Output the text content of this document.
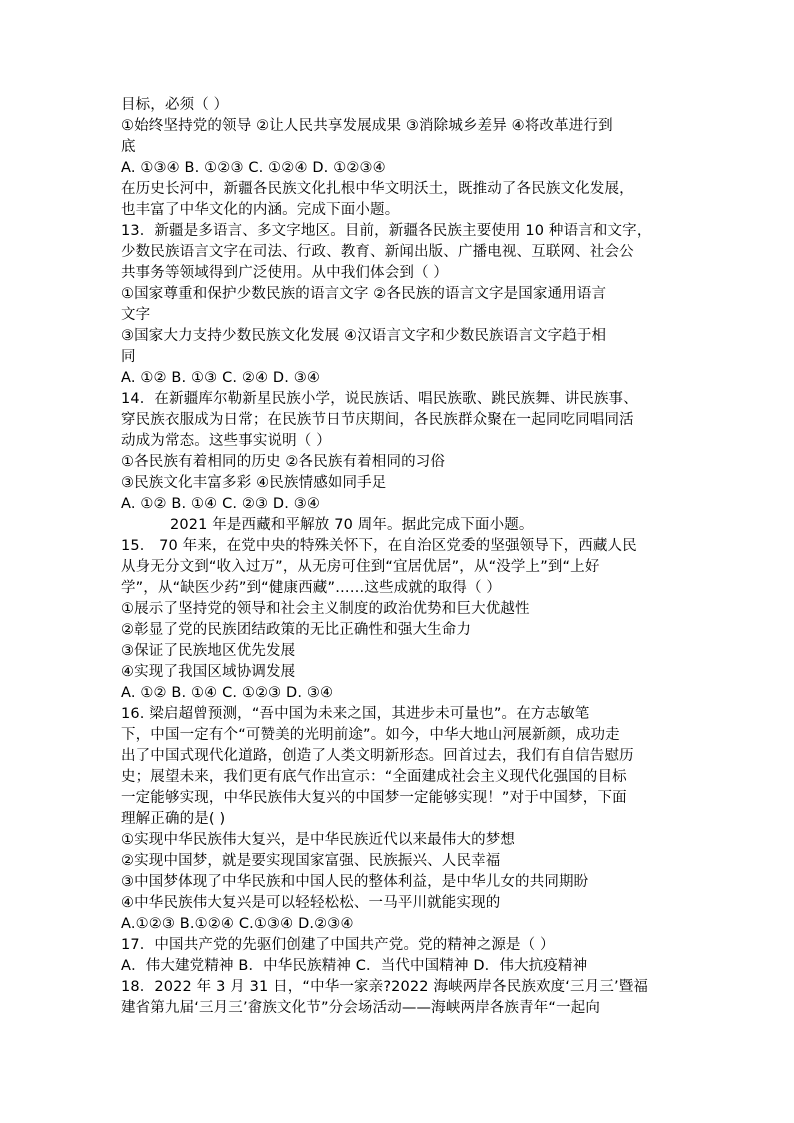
目标，必须（ ）
①始终坚持党的领导 ②让人民共享发展成果 ③消除城乡差异 ④将改革进行到
底
A. ①③④ B. ①②③ C. ①②④ D. ①②③④
在历史长河中，新疆各民族文化扎根中华文明沃土，既推动了各民族文化发展，
也丰富了中华文化的内涵。完成下面小题。
13．新疆是多语言、多文字地区。目前，新疆各民族主要使用 10 种语言和文字，
少数民族语言文字在司法、行政、教育、新闻出版、广播电视、互联网、社会公
共事务等领域得到广泛使用。从中我们体会到（ ）
①国家尊重和保护少数民族的语言文字 ②各民族的语言文字是国家通用语言
文字
③国家大力支持少数民族文化发展 ④汉语言文字和少数民族语言文字趋于相
同
A. ①② B. ①③ C. ②④ D. ③④
14．在新疆库尔勒新星民族小学，说民族话、唱民族歌、跳民族舞、讲民族事、
穿民族衣服成为日常；在民族节日节庆期间，各民族群众聚在一起同吃同唱同活
动成为常态。这些事实说明（ ）
①各民族有着相同的历史 ②各民族有着相同的习俗
③民族文化丰富多彩 ④民族情感如同手足
A. ①② B. ①④ C. ②③ D. ③④
2021 年是西藏和平解放 70 周年。据此完成下面小题。
15． 70 年来，在党中央的特殊关怀下，在自治区党委的坚强领导下，西藏人民
从身无分文到“收入过万”，从无房可住到“宜居优居”，从“没学上”到“上好
学”，从“缺医少药”到“健康西藏”……这些成就的取得（ ）
①展示了坚持党的领导和社会主义制度的政治优势和巨大优越性
②彰显了党的民族团结政策的无比正确性和强大生命力
③保证了民族地区优先发展
④实现了我国区域协调发展
A. ①② B. ①④ C. ①②③ D. ③④
16. 梁启超曾预测，“吾中国为未来之国，其进步未可量也”。在方志敏笔
下，中国一定有个“可赞美的光明前途”。如今，中华大地山河展新颜，成功走
出了中国式现代化道路，创造了人类文明新形态。回首过去，我们有自信告慰历
史；展望未来，我们更有底气作出宣示：“全面建成社会主义现代化强国的目标
一定能够实现，中华民族伟大复兴的中国梦一定能够实现！”对于中国梦，下面
理解正确的是( )
①实现中华民族伟大复兴，是中华民族近代以来最伟大的梦想
②实现中国梦，就是要实现国家富强、民族振兴、人民幸福
③中国梦体现了中华民族和中国人民的整体利益，是中华儿女的共同期盼
④中华民族伟大复兴是可以轻轻松松、一马平川就能实现的
A.①②③ B.①②④ C.①③④ D.②③④
17．中国共产党的先驱们创建了中国共产党。党的精神之源是（ ）
A．伟大建党精神 B．中华民族精神 C．当代中国精神 D．伟大抗疫精神
18．2022 年 3 月 31 日，“中华一家亲?2022 海峡两岸各民族欢度‘三月三’暨福
建省第九届‘三月三’畲族文化节”分会场活动——海峡两岸各族青年“一起向
